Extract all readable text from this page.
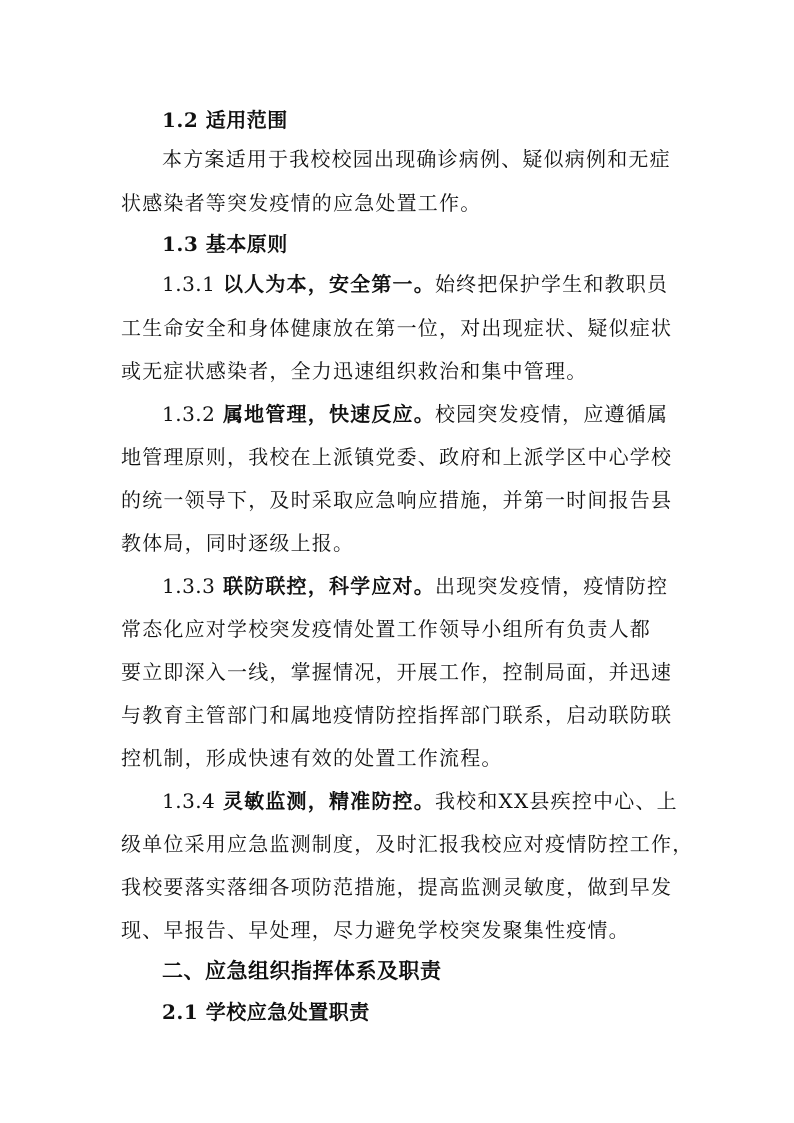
1.2 适用范围
本方案适用于我校校园出现确诊病例、疑似病例和无症
状感染者等突发疫情的应急处置工作。
1.3 基本原则
1.3.1 以人为本，安全第一。始终把保护学生和教职员
工生命安全和身体健康放在第一位，对出现症状、疑似症状
或无症状感染者，全力迅速组织救治和集中管理。
1.3.2 属地管理，快速反应。校园突发疫情，应遵循属
地管理原则，我校在上派镇党委、政府和上派学区中心学校
的统一领导下，及时采取应急响应措施，并第一时间报告县
教体局，同时逐级上报。
1.3.3 联防联控，科学应对。出现突发疫情，疫情防控
常态化应对学校突发疫情处置工作领导小组所有负责人都
要立即深入一线，掌握情况，开展工作，控制局面，并迅速
与教育主管部门和属地疫情防控指挥部门联系，启动联防联
控机制，形成快速有效的处置工作流程。
1.3.4 灵敏监测，精准防控。我校和XX县疾控中心、上
级单位采用应急监测制度，及时汇报我校应对疫情防控工作，
我校要落实落细各项防范措施，提高监测灵敏度，做到早发
现、早报告、早处理，尽力避免学校突发聚集性疫情。
二、应急组织指挥体系及职责
2.1 学校应急处置职责
